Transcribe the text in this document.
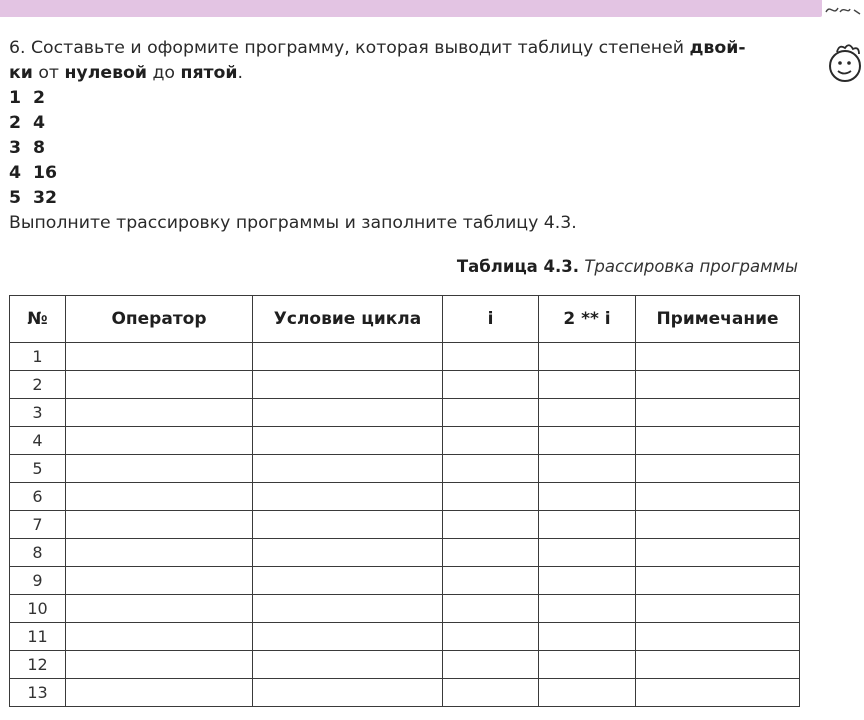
6. Составьте и оформите программу, которая выводит таблицу степеней двой-
ки от нулевой до пятой.
1 2
2 4
3 8
4 16
5 32
Выполните трассировку программы и заполните таблицу 4.3.
Таблица 4.3. Трассировка программы
№	Оператор	Условие цикла	i	2 ** i	Примечание
1					
2					
3					
4					
5					
6					
7					
8					
9					
10					
11					
12					
13					
